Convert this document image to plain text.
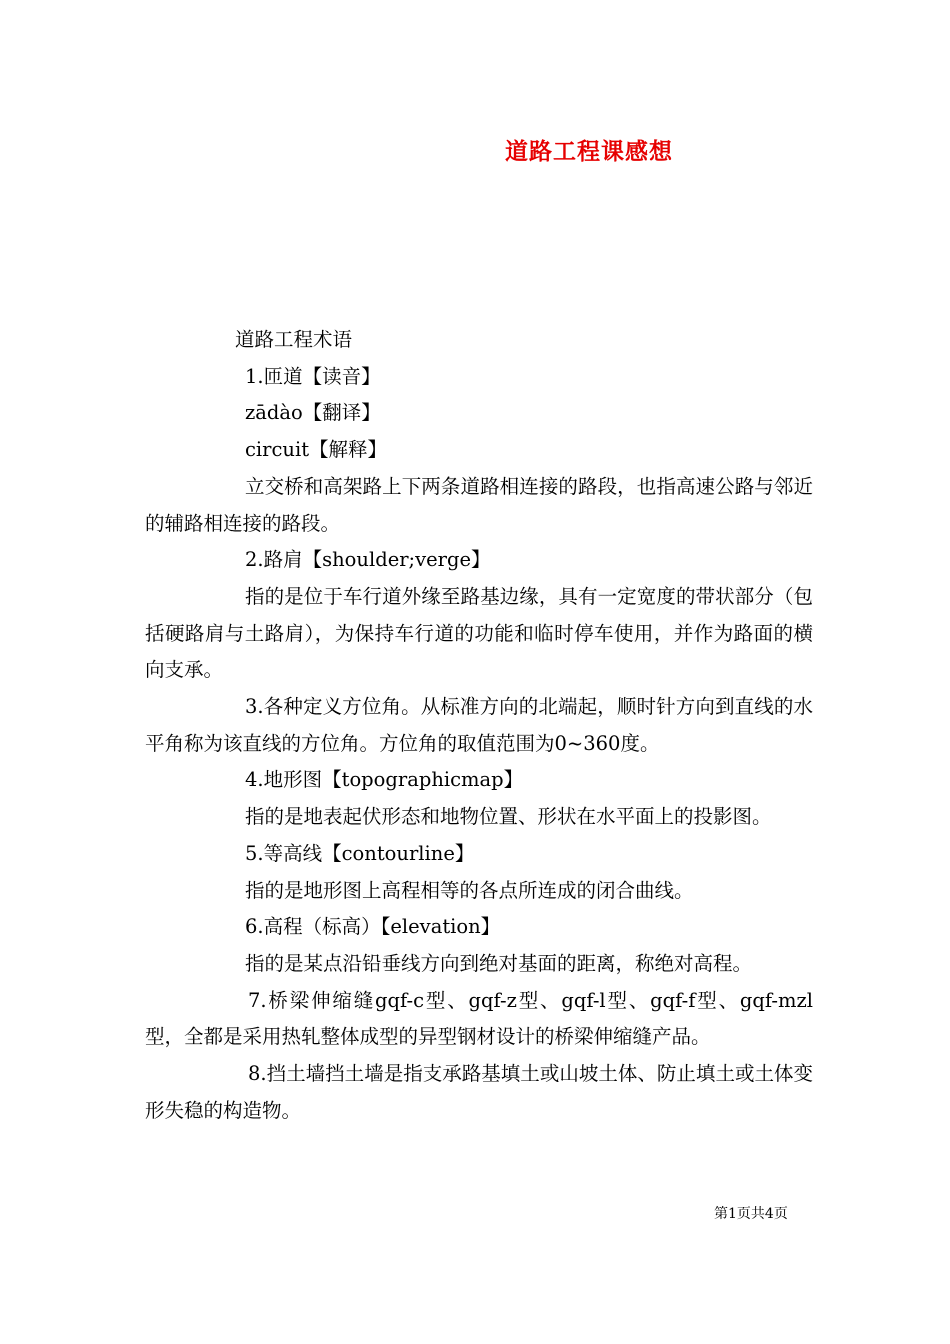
道路工程课感想

道路工程术语

1.匝道【读音】

zādào【翻译】

circuit【解释】

立交桥和高架路上下两条道路相连接的路段，也指高速公路与邻近的辅路相连接的路段。

2.路肩【shoulder;verge】

指的是位于车行道外缘至路基边缘，具有一定宽度的带状部分（包括硬路肩与土路肩），为保持车行道的功能和临时停车使用，并作为路面的横向支承。

3.各种定义方位角。从标准方向的北端起，顺时针方向到直线的水平角称为该直线的方位角。方位角的取值范围为0~360度。

4.地形图【topographicmap】

指的是地表起伏形态和地物位置、形状在水平面上的投影图。

5.等高线【contourline】

指的是地形图上高程相等的各点所连成的闭合曲线。

6.高程（标高）【elevation】

指的是某点沿铅垂线方向到绝对基面的距离，称绝对高程。

7.桥梁伸缩缝gqf-c型、gqf-z型、gqf-l型、gqf-f型、gqf-mzl型，全都是采用热轧整体成型的异型钢材设计的桥梁伸缩缝产品。

8.挡土墙挡土墙是指支承路基填土或山坡土体、防止填土或土体变形失稳的构造物。

第1页共4页
